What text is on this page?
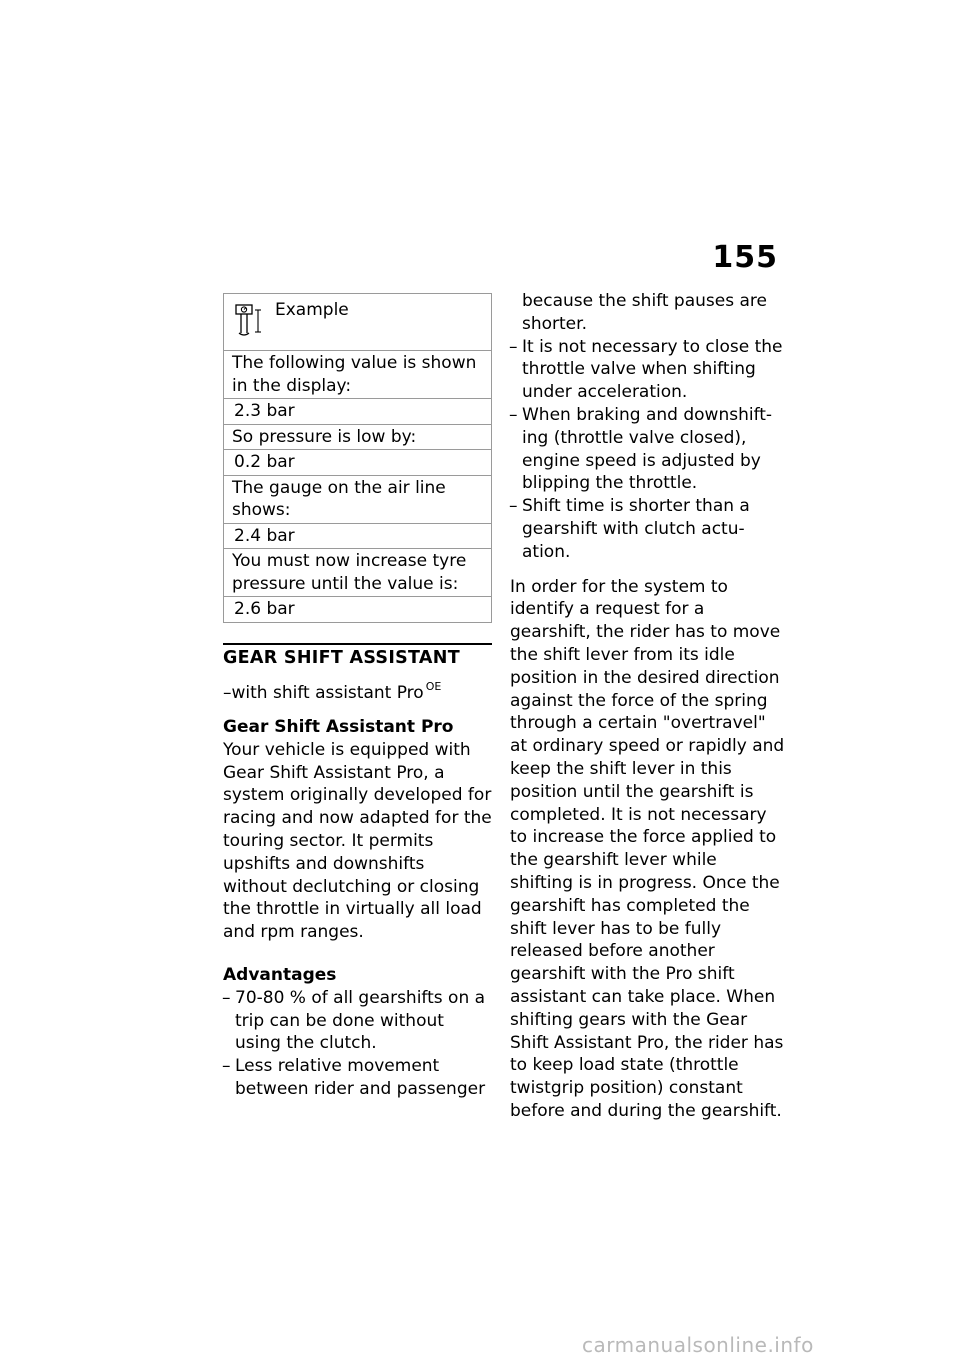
155
Example

The following value is shown in the display:
2.3 bar
So pressure is low by:
0.2 bar
The gauge on the air line shows:
2.4 bar
You must now increase tyre pressure until the value is:
2.6 bar
GEAR SHIFT ASSISTANT
–with shift assistant Pro $^{OE}$
Gear Shift Assistant Pro

Your vehicle is equipped with Gear Shift Assistant Pro, a system originally developed for racing and now adapted for the touring sector. It permits upshifts and downshifts without declutching or closing the throttle in virtually all load and rpm ranges.

Advantages
– 70-80 % of all gearshifts on a trip can be done without using the clutch.
– Less relative movement between rider and passenger
because the shift pauses are shorter.
– It is not necessary to close the throttle valve when shifting under acceleration.
– When braking and downshift-ing (throttle valve closed), engine speed is adjusted by blipping the throttle.
– Shift time is shorter than a gearshift with clutch actu-ation.

In order for the system to identify a request for a gearshift, the rider has to move the shift lever from its idle position in the desired direction against the force of the spring through a certain "overtravel" at ordinary speed or rapidly and keep the shift lever in this position until the gearshift is completed. It is not necessary to increase the force applied to the gearshift lever while shifting is in progress. Once the gearshift has completed the shift lever has to be fully released before another gearshift with the Pro shift assistant can take place. When shifting gears with the Gear Shift Assistant Pro, the rider has to keep load state (throttle twistgrip position) constant before and during the gearshift.

carmanualsonline.info
